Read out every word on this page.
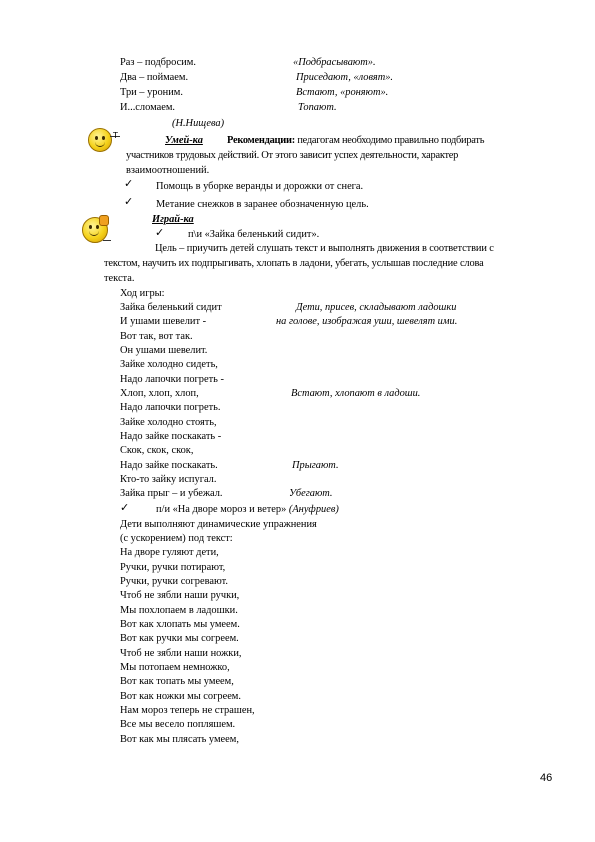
Раз – подбросим.	«Подбрасывают».
Два – поймаем.	Приседают, «ловят».
Три – уроним.	Встают, «роняют».
И...сломаем.	Топают.
(Н.Нищева)
T	Умей-ка Рекомендации: педагогам необходимо правильно подбирать
участников трудовых действий. От этого зависит успех деятельности, характер
взаимоотношений.
✓ Помощь в уборке веранды и дорожки от снега.
✓ Метание снежков в заранее обозначенную цель.
Играй-ка
✓ п\и «Зайка беленький сидит».
Цель – приучить детей слушать текст и выполнять движения в соответствии с
текстом, научить их подпрыгивать, хлопать в ладони, убегать, услышав последние слова
текста.
Ход игры:
Зайка беленький сидит	Дети, присев, складывают ладошки
И ушами шевелит -	на голове, изображая уши, шевелят ими.
Вот так, вот так.
Он ушами шевелит.
Зайке холодно сидеть,
Надо лапочки погреть -
Хлоп, хлоп, хлоп,	Встают, хлопают в ладоши.
Надо лапочки погреть.
Зайке холодно стоять,
Надо зайке поскакать -
Скок, скок, скок,
Надо зайке поскакать.	Прыгают.
Кто-то зайку испугал.
Зайка прыг – и убежал.	Убегают.
✓	п/и «На дворе мороз и ветер» (Ануфриев)
Дети выполняют динамические упражнения
(с ускорением) под текст:
На дворе гуляют дети,
Ручки, ручки потирают,
Ручки, ручки согревают.
Чтоб не зябли наши ручки,
Мы похлопаем в ладошки.
Вот как хлопать мы умеем.
Вот как ручки мы согреем.
Чтоб не зябли наши ножки,
Мы потопаем немножко,
Вот как топать мы умеем,
Вот как ножки мы согреем.
Нам мороз теперь не страшен,
Все мы весело попляшем.
Вот как мы плясать умеем,
46
